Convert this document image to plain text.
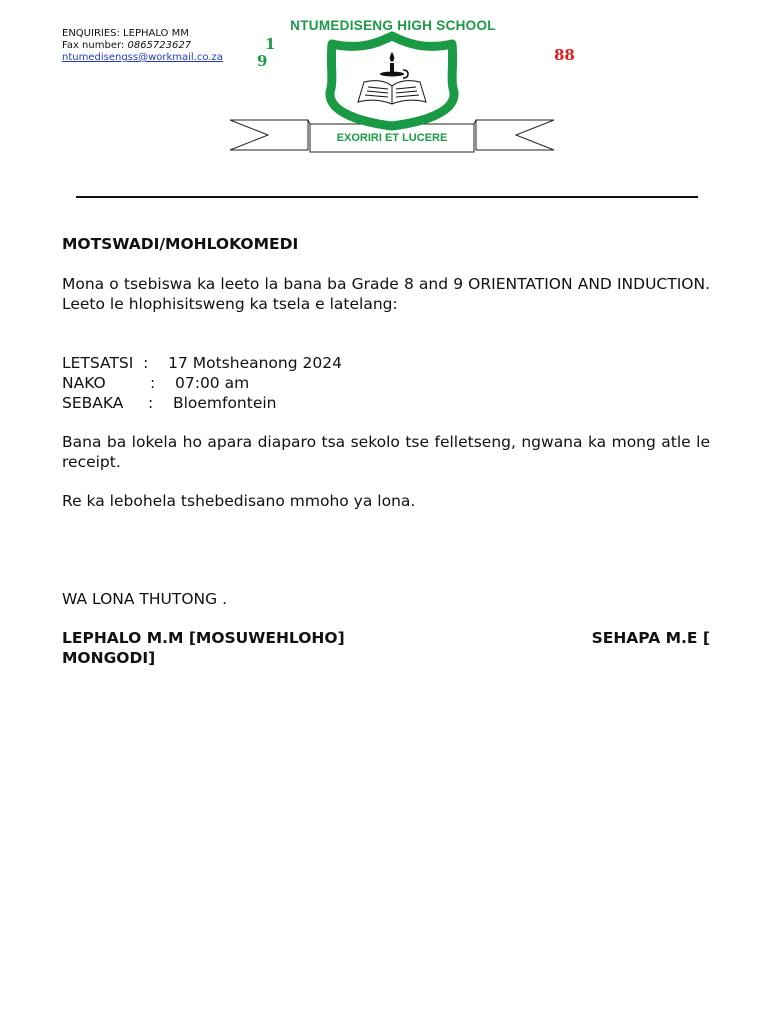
ENQUIRIES: LEPHALO MM
Fax number: 0865723627
ntumedisengss@workmail.co.za
NTUMEDISENG HIGH SCHOOL
EXORIRI ET LUCERE
1
9	88

MOTSWADI/MOHLOKOMEDI

Mona o tsebiswa ka leeto la bana ba Grade 8 and 9 ORIENTATION AND INDUCTION. Leeto le hlophisitsweng ka tsela e latelang:

LETSATSI  : 17 Motsheanong 2024
NAKO         : 07:00 am
SEBAKA     : Bloemfontein

Bana ba lokela ho apara diaparo tsa sekolo tse felletseng, ngwana ka mong atle le receipt.

Re ka lebohela tshebedisano mmoho ya lona.

WA LONA THUTONG .

LEPHALO M.M [MOSUWEHLOHO]	SEHAPA M.E [
MONGODI]
